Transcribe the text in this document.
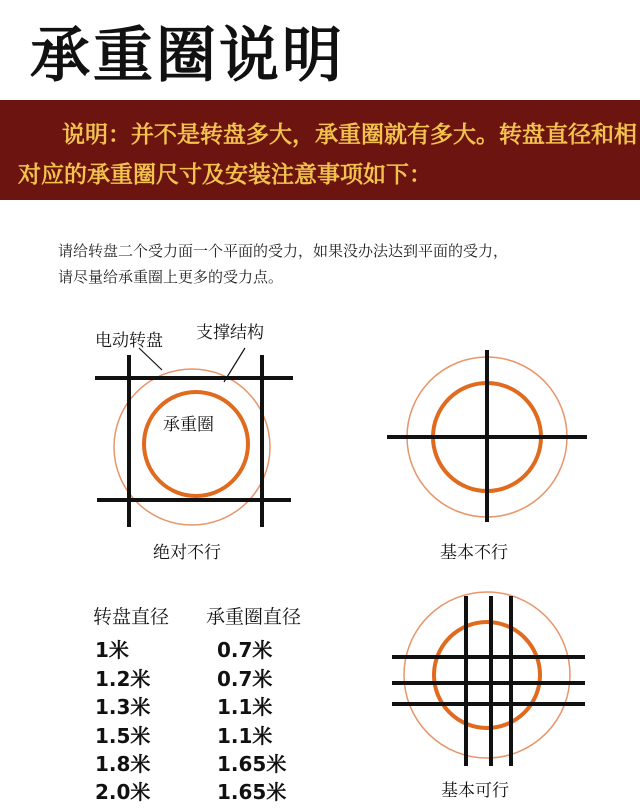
承重圈说明
说明：并不是转盘多大，承重圈就有多大。转盘直径和相
对应的承重圈尺寸及安装注意事项如下：
请给转盘二个受力面一个平面的受力，如果没办法达到平面的受力，
请尽量给承重圈上更多的受力点。
电动转盘 支撑结构
承重圈
绝对不行	基本不行
基本可行
转盘直径 承重圈直径
1米	0.7米
1.2米	0.7米
1.3米	1.1米
1.5米	1.1米
1.8米	1.65米
2.0米	1.65米
